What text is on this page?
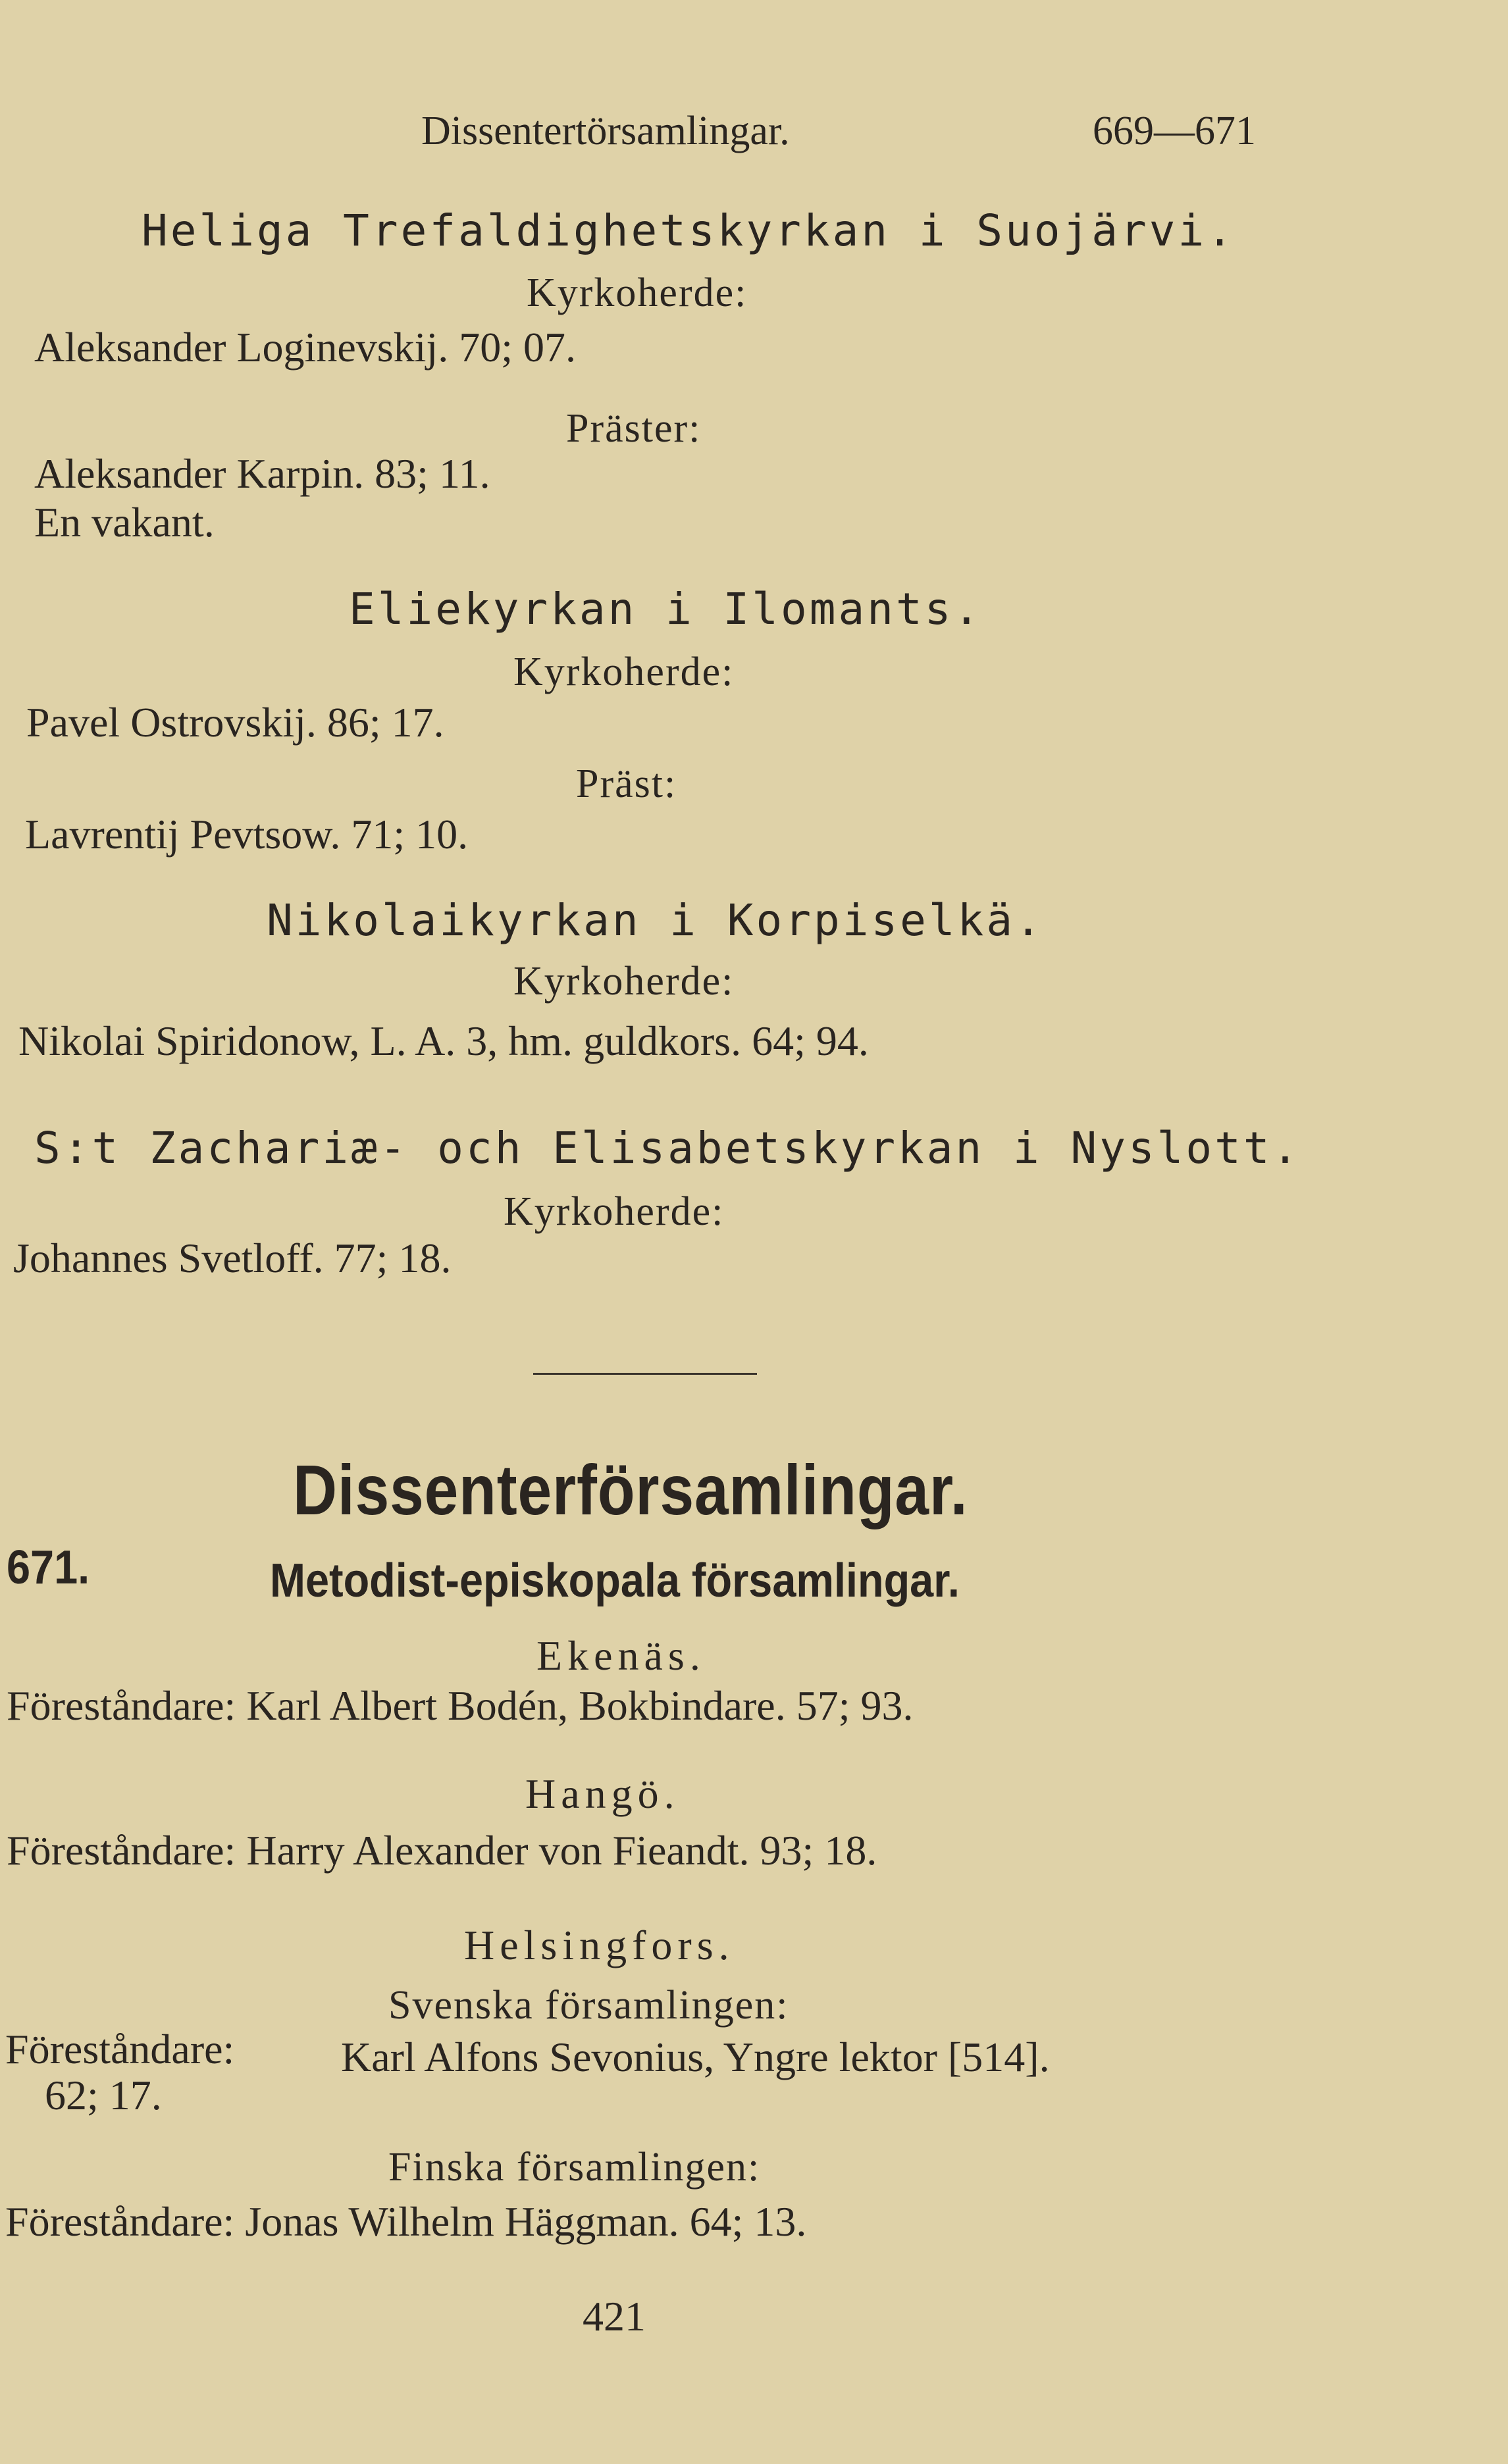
Dissentertörsamlingar.	669—671
Heliga Trefaldighetskyrkan i Suojärvi.
Kyrkoherde:
Aleksander Loginevskij. 70; 07.
Präster:
Aleksander Karpin. 83; 11.
En vakant.
Eliekyrkan i Ilomants.
Kyrkoherde:
Pavel Ostrovskij. 86; 17.
Präst:
Lavrentij Pevtsow. 71; 10.
Nikolaikyrkan i Korpiselkä.
Kyrkoherde:
Nikolai Spiridonow, L. A. 3, hm. guldkors. 64; 94.
S:t Zachariæ- och Elisabetskyrkan i Nyslott.
Kyrkoherde:
Johannes Svetloff. 77; 18.
Dissenterförsamlingar.
671.	Metodist-episkopala församlingar.
Ekenäs.
Föreståndare: Karl Albert Bodén, Bokbindare. 57; 93.
Hangö.
Föreståndare: Harry Alexander von Fieandt. 93; 18.
Helsingfors.
Svenska församlingen:
Föreståndare:	Karl Alfons Sevonius, Yngre lektor [514].
62; 17.
Finska församlingen:
Föreståndare: Jonas Wilhelm Häggman. 64; 13.
421
